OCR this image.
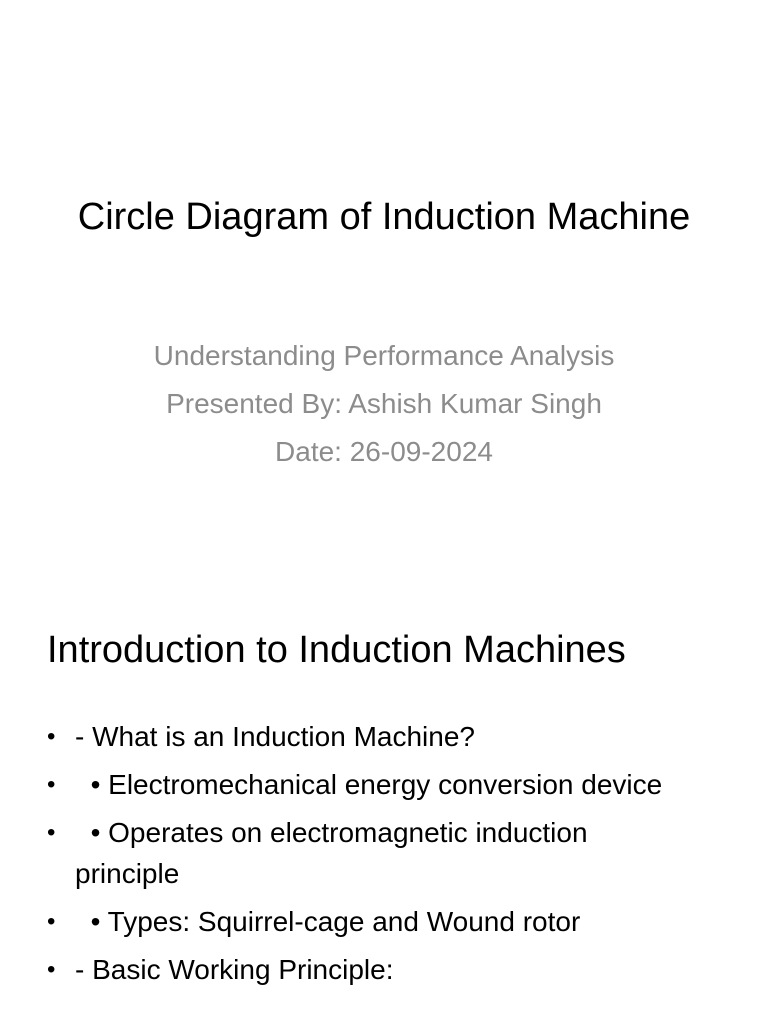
Circle Diagram of Induction Machine
Understanding Performance Analysis
Presented By: Ashish Kumar Singh
Date: 26-09-2024
Introduction to Induction Machines
• - What is an Induction Machine?
• • Electromechanical energy conversion device
• • Operates on electromagnetic induction principle
• • Types: Squirrel-cage and Wound rotor
• - Basic Working Principle:
